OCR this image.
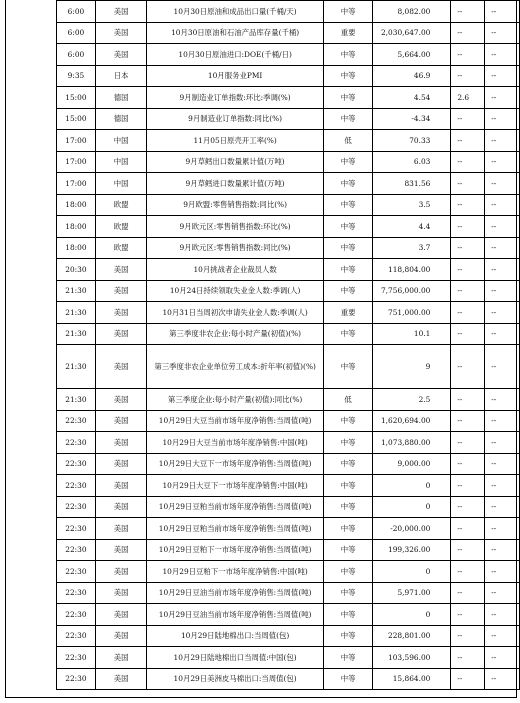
6:00	美国	10月30日原油和成品出口量(千桶/天)	中等	8,082.00	--	--
6:00	美国	10月30日原油和石油产品库存量(千桶)	重要	2,030,647.00	--	--
6:00	美国	10月30日原油进口:DOE(千桶/日)	中等	5,664.00	--	--
9:35	日本	10月服务业PMI	中等	46.9	--	--
15:00	德国	9月制造业订单指数:环比:季调(%)	中等	4.54	2.6	--
15:00	德国	9月制造业订单指数:同比(%)	中等	-4.34	--	--
17:00	中国	11月05日原壳开工率(%)	低	70.33	--	--
17:00	中国	9月草鳕出口数量累计值(万吨)	中等	6.03	--	--
17:00	中国	9月草鳕进口数量累计值(万吨)	中等	831.56	--	--
18:00	欧盟	9月欧盟:零售销售指数:同比(%)	中等	3.5	--	--
18:00	欧盟	9月欧元区:零售销售指数:环比(%)	中等	4.4	--	--
18:00	欧盟	9月欧元区:零售销售指数:同比(%)	中等	3.7	--	--
20:30	美国	10月挑战者企业裁员人数	中等	118,804.00	--	--
21:30	美国	10月24日持续领取失业金人数:季调(人)	中等	7,756,000.00	--	--
21:30	美国	10月31日当周初次申请失业金人数:季调(人)	重要	751,000.00	--	--
21:30	美国	第三季度非农企业:每小时产量(初值)(%)	中等	10.1	--	--
21:30	美国	第三季度非农企业单位劳工成本:折年率(初值)(%)	中等	9	--	--
21:30	美国	第三季度企业:每小时产量(初值):同比(%)	低	2.5	--	--
22:30	美国	10月29日大豆当前市场年度净销售:当周值(吨)	中等	1,620,694.00	--	--
22:30	美国	10月29日大豆当前市场年度净销售:中国(吨)	中等	1,073,880.00	--	--
22:30	美国	10月29日大豆下一市场年度净销售:当周值(吨)	中等	9,000.00	--	--
22:30	美国	10月29日大豆下一市场年度净销售:中国(吨)	中等	0	--	--
22:30	美国	10月29日豆粕当前市场年度净销售:当周值(吨)	中等	0	--	--
22:30	美国	10月29日豆粕当前市场年度净销售:当周值(吨)	中等	-20,000.00	--	--
22:30	美国	10月29日豆粕下一市场年度净销售:当周值(吨)	中等	199,326.00	--	--
22:30	美国	10月29日豆粕下一市场年度净销售:中国(吨)	中等	0	--	--
22:30	美国	10月29日豆油当前市场年度净销售:当周值(吨)	中等	5,971.00	--	--
22:30	美国	10月29日豆油当前市场年度净销售:当周值(吨)	中等	0	--	--
22:30	美国	10月29日陆地棉出口:当周值(包)	中等	228,801.00	--	--
22:30	美国	10月29日陆地棉出口当周值:中国(包)	中等	103,596.00	--	--
22:30	美国	10月29日美洲皮马棉出口:当周值(包)	中等	15,864.00	--	--
